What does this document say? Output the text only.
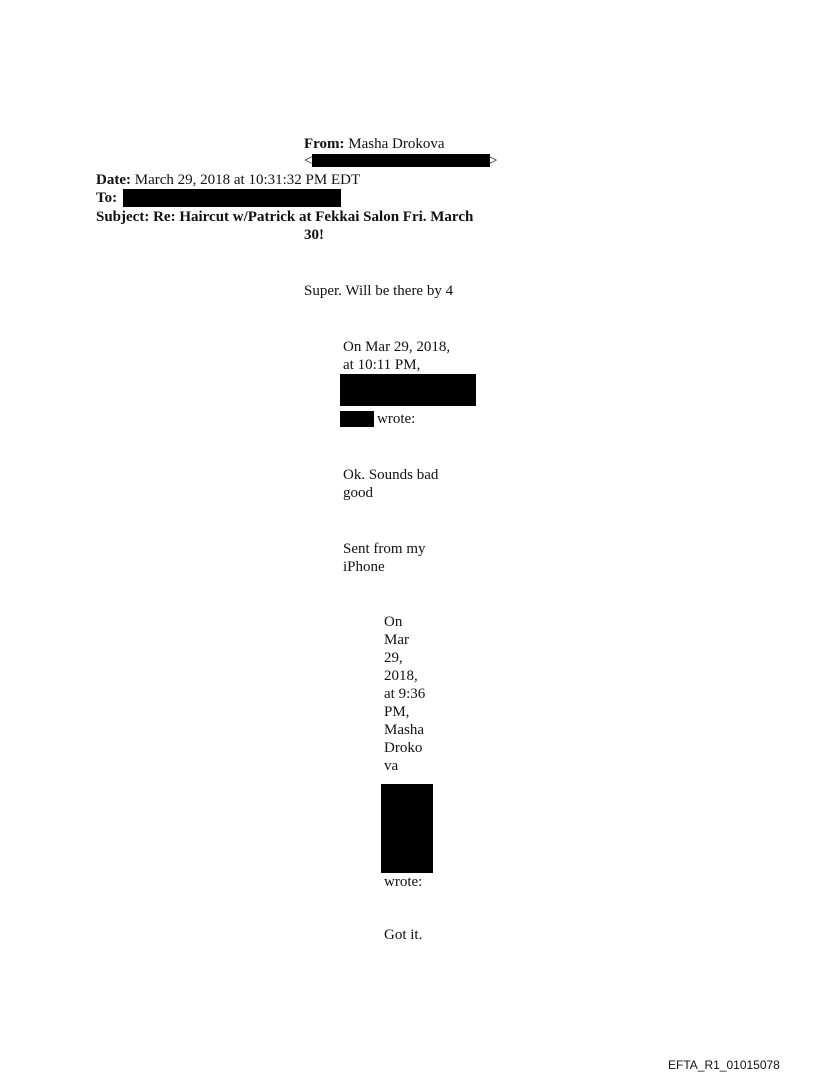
From: Masha Drokova
<	>
Date: March 29, 2018 at 10:31:32 PM EDT
To:
Subject: Re: Haircut w/Patrick at Fekkai Salon Fri. March
30!
Super. Will be there by 4
On Mar 29, 2018,
at 10:11 PM,
wrote:
Ok. Sounds bad
good
Sent from my
iPhone
On
Mar
29,
2018,
at 9:36
PM,
Masha
Droko
va
wrote:
Got it.
EFTA_R1_01015078
